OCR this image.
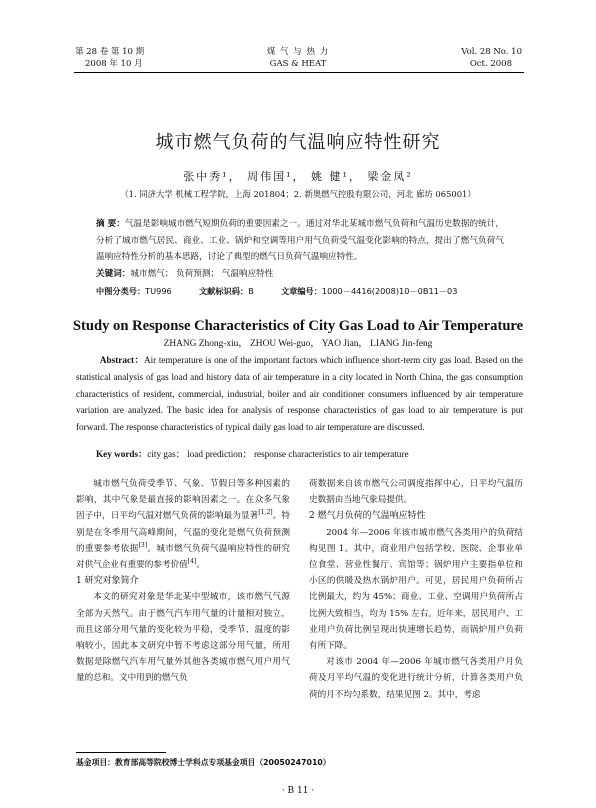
第 28 卷 第 10 期
2008 年 10 月
煤 气 与 热 力
GAS & HEAT
Vol. 28 No. 10
Oct. 2008
城市燃气负荷的气温响应特性研究
张中秀¹， 周伟国¹， 姚 健¹， 梁金凤²
（1. 同济大学 机械工程学院，上海 201804；2. 新奥燃气控股有限公司，河北 廊坊 065001）
摘 要：气温是影响城市燃气短期负荷的重要因素之一。通过对华北某城市燃气负荷和气温历史数据的统计，分析了城市燃气居民、商业、工业、锅炉和空调等用户用气负荷受气温变化影响的特点，提出了燃气负荷气温响应特性分析的基本思路，讨论了典型的燃气日负荷气温响应特性。
关键词：城市燃气； 负荷预测； 气温响应特性
中图分类号：TU996	文献标识码：B	文章编号：1000－4416(2008)10－0B11－03
Study on Response Characteristics of City Gas Load to Air Temperature
ZHANG Zhong-xiu， ZHOU Wei-guo， YAO Jian， LIANG Jin-feng
Abstract：Air temperature is one of the important factors which influence short-term city gas load. Based on the statistical analysis of gas load and history data of air temperature in a city located in North China, the gas consumption characteristics of resident, commercial, industrial, boiler and air conditioner consumers influenced by air temperature variation are analyzed. The basic idea for analysis of response characteristics of gas load to air temperature is put forward. The response characteristics of typical daily gas load to air temperature are discussed.
Key words：city gas； load prediction； response characteristics to air temperature

城市燃气负荷受季节、气象、节假日等多种因素的影响，其中气象是最直接的影响因素之一。在众多气象因子中，日平均气温对燃气负荷的影响最为显著[1,2]。特别是在冬季用气高峰期间，气温的变化是燃气负荷预测的重要参考依据[3]。城市燃气负荷气温响应特性的研究对供气企业有重要的参考价值[4]。

1 研究对象简介

本文的研究对象是华北某中型城市，该市燃气气源全部为天然气。由于燃气汽车用气量的计量相对独立，而且这部分用气量的变化较为平稳，受季节、温度的影响较小，因此本文研究中暂不考虑这部分用气量，所用数据是除燃气汽车用气量外其他各类城市燃气用户用气量的总和。文中用到的燃气负

荷数据来自该市燃气公司调度指挥中心，日平均气温历史数据由当地气象局提供。

2 燃气月负荷的气温响应特性

2004 年—2006 年该市城市燃气各类用户的负荷结构见图 1。其中，商业用户包括学校、医院、企事业单位食堂、营业性餐厅、宾馆等；锅炉用户主要指单位和小区的供暖及热水锅炉用户。可见，居民用户负荷所占比例最大，约为 45%；商业、工业、空调用户负荷所占比例大致相当，均为 15% 左右。近年来，居民用户、工业用户负荷比例呈现出快速增长趋势，而锅炉用户负荷有所下降。

对该市 2004 年—2006 年城市燃气各类用户月负荷及月平均气温的变化进行统计分析，计算各类用户负荷的月不均匀系数，结果见图 2。其中，考虑

基金项目：教育部高等院校博士学科点专项基金项目（20050247010）
· B 11 ·
